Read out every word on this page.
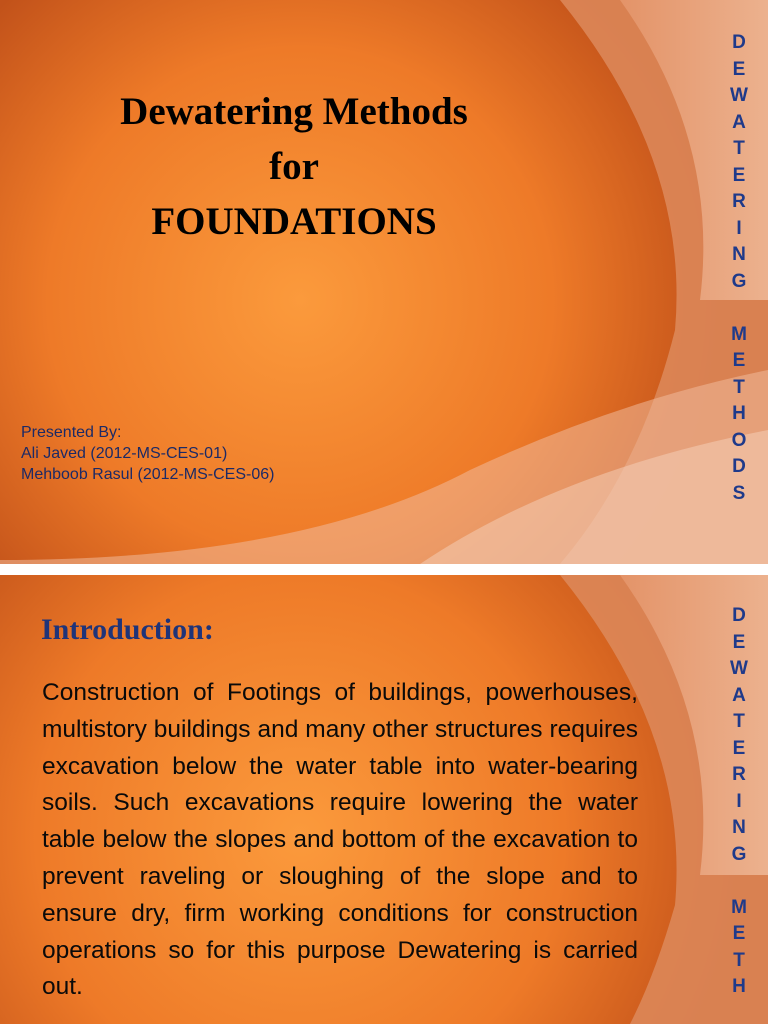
Dewatering Methods
for
FOUNDATIONS

Presented By:
Ali Javed (2012-MS-CES-01)
Mehboob Rasul (2012-MS-CES-06)

D
E
W
A
T
E
R
I
N
G
M
E
T
H
O
D
S
Introduction:

Construction of Footings of buildings, powerhouses, multistory buildings and many other structures requires excavation below the water table into water-bearing soils. Such excavations require lowering the water table below the slopes and bottom of the excavation to prevent raveling or sloughing of the slope and to ensure dry, firm working conditions for construction operations so for this purpose Dewatering is carried out.

D
E
W
A
T
E
R
I
N
G
M
E
T
H
